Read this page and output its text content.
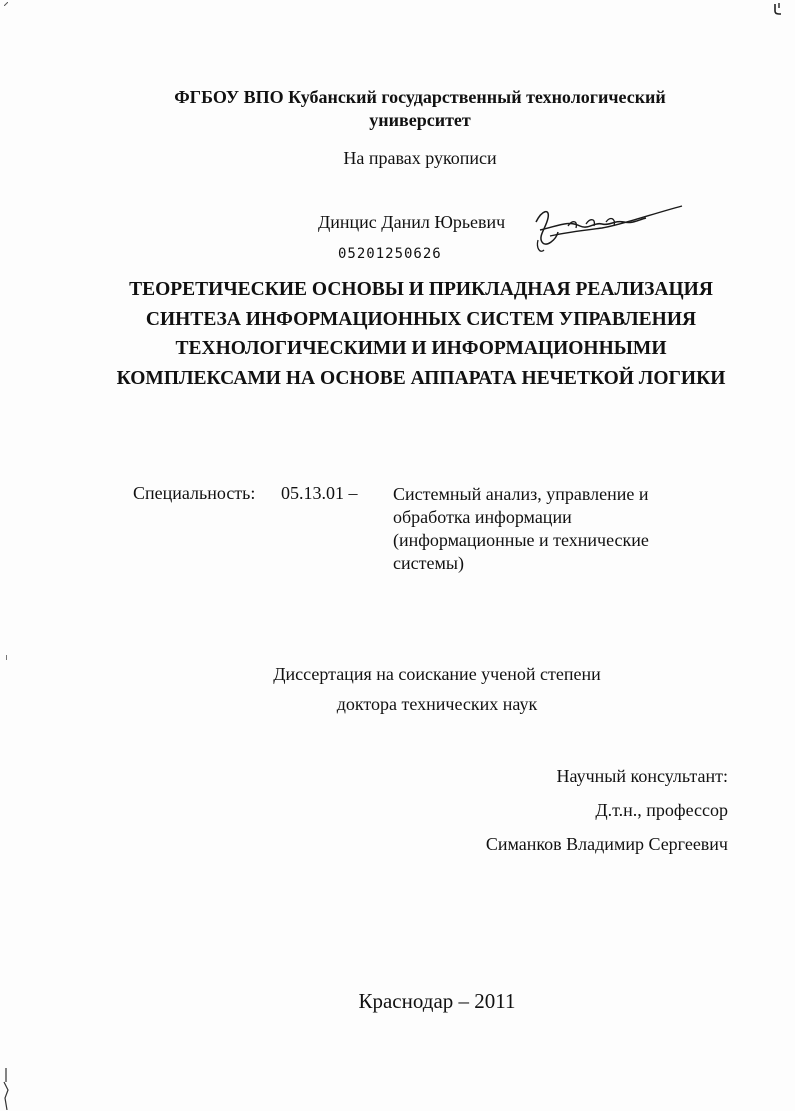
ФГБОУ ВПО Кубанский государственный технологический
университет
На правах рукописи
Динцис Данил Юрьевич
05201250626
ТЕОРЕТИЧЕСКИЕ ОСНОВЫ И ПРИКЛАДНАЯ РЕАЛИЗАЦИЯ
СИНТЕЗА ИНФОРМАЦИОННЫХ СИСТЕМ УПРАВЛЕНИЯ
ТЕХНОЛОГИЧЕСКИМИ И ИНФОРМАЦИОННЫМИ
КОМПЛЕКСАМИ НА ОСНОВЕ АППАРАТА НЕЧЕТКОЙ ЛОГИКИ
Специальность: 05.13.01 – Системный анализ, управление и
обработка информации
(информационные и технические
системы)
Диссертация на соискание ученой степени
доктора технических наук
Научный консультант:
Д.т.н., профессор
Симанков Владимир Сергеевич
Краснодар – 2011
